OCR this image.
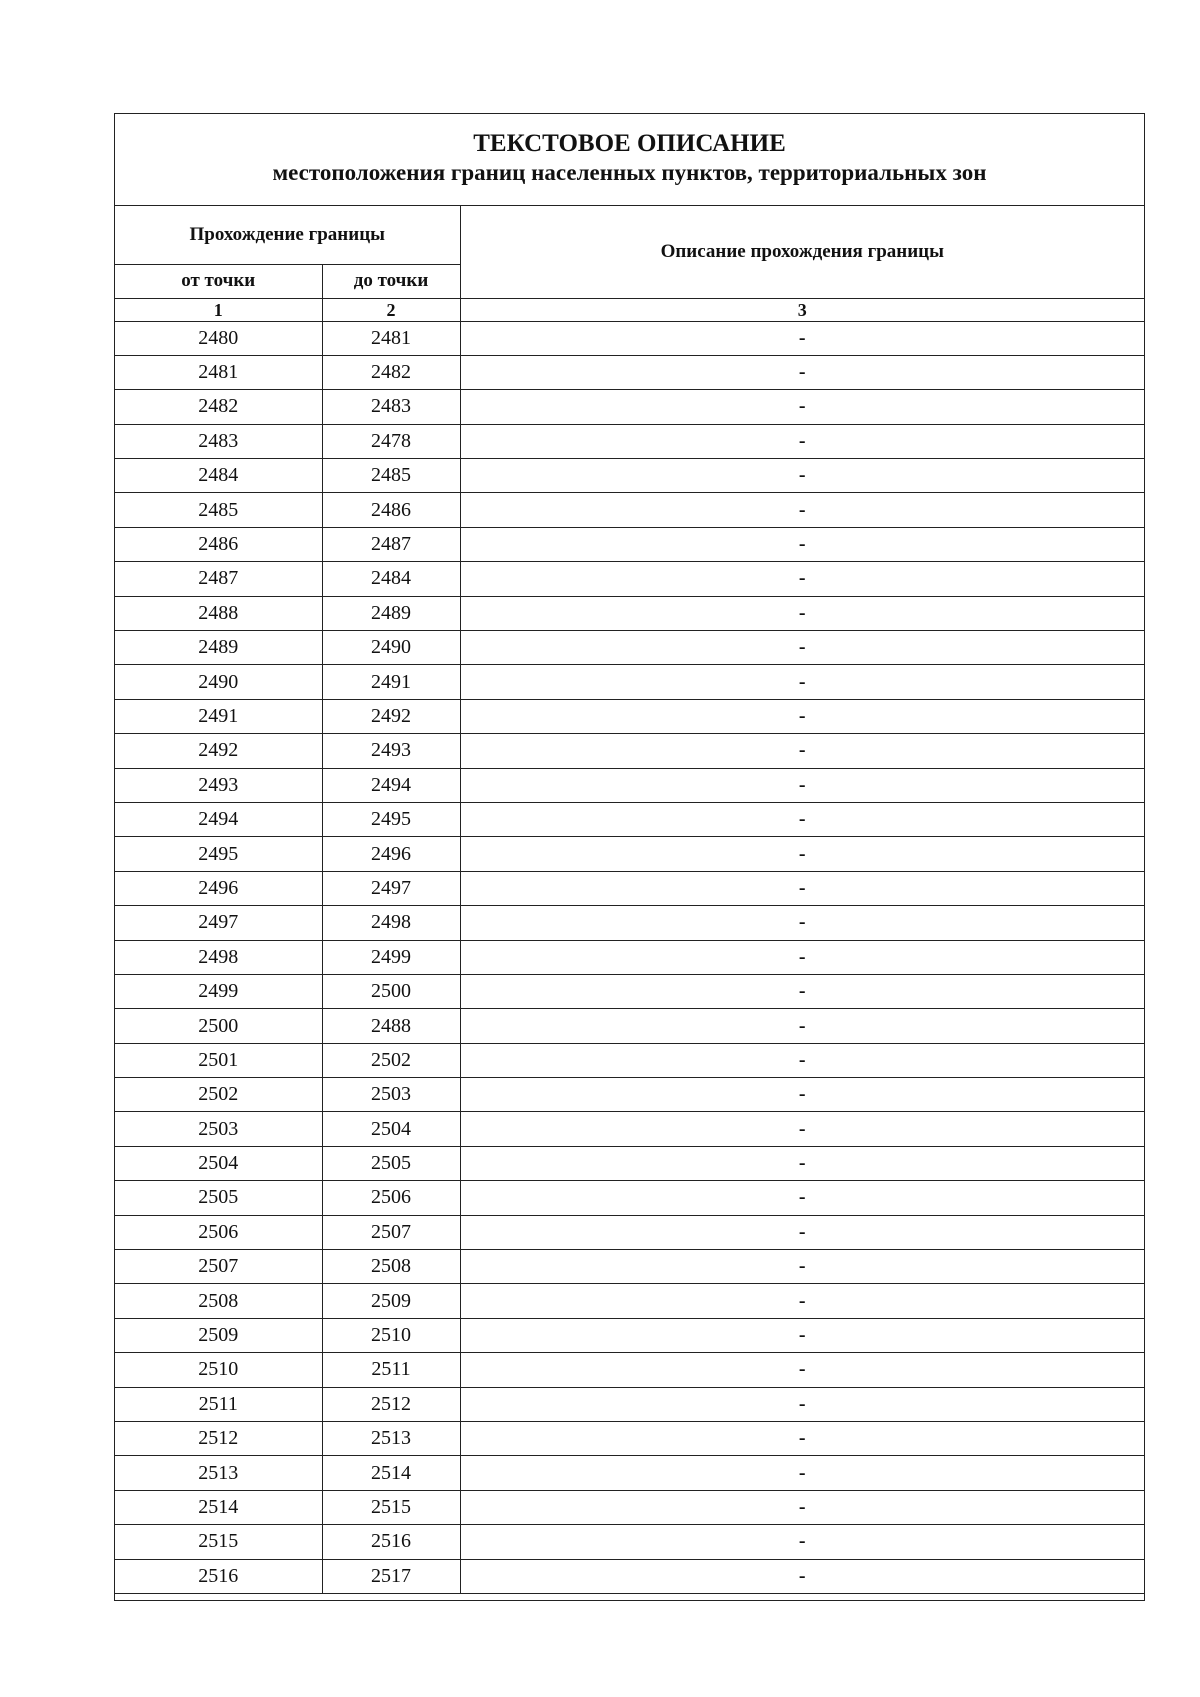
ТЕКСТОВОЕ ОПИСАНИЕ
местоположения границ населенных пунктов, территориальных зон
Прохождение границы		Описание прохождения границы
от точки	до точки	
1	2	3
2480	2481	-
2481	2482	-
2482	2483	-
2483	2478	-
2484	2485	-
2485	2486	-
2486	2487	-
2487	2484	-
2488	2489	-
2489	2490	-
2490	2491	-
2491	2492	-
2492	2493	-
2493	2494	-
2494	2495	-
2495	2496	-
2496	2497	-
2497	2498	-
2498	2499	-
2499	2500	-
2500	2488	-
2501	2502	-
2502	2503	-
2503	2504	-
2504	2505	-
2505	2506	-
2506	2507	-
2507	2508	-
2508	2509	-
2509	2510	-
2510	2511	-
2511	2512	-
2512	2513	-
2513	2514	-
2514	2515	-
2515	2516	-
2516	2517	-
